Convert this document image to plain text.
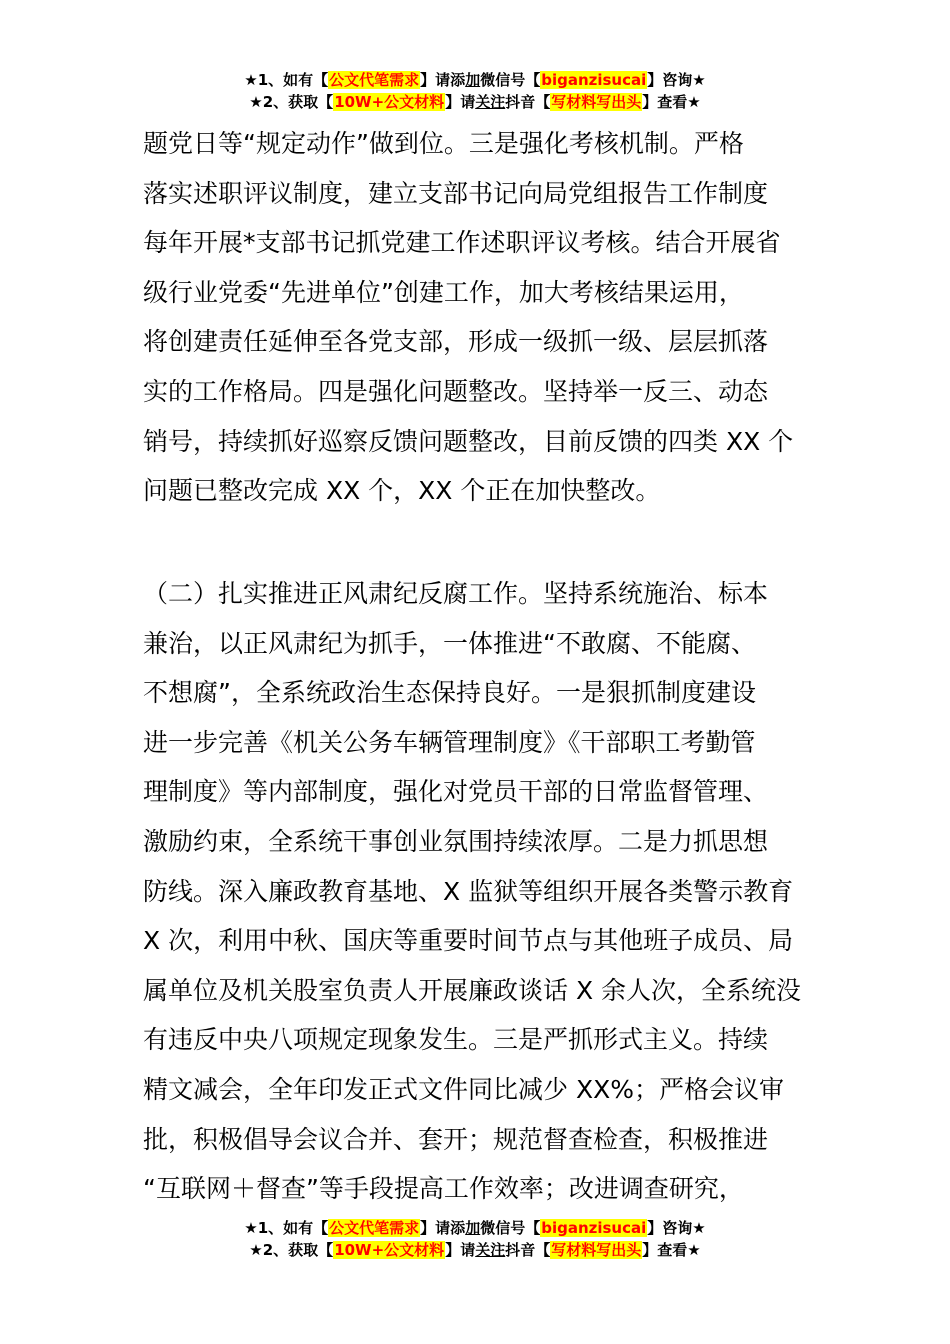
★1、如有【公文代笔需求】请添加微信号【biganzisucai】咨询★
★2、获取【10W+公文材料】请关注抖音【写材料写出头】查看★
题党日等“规定动作”做到位。三是强化考核机制。严格
落实述职评议制度，建立支部书记向局党组报告工作制度
每年开展*支部书记抓党建工作述职评议考核。结合开展省
级行业党委“先进单位”创建工作，加大考核结果运用，
将创建责任延伸至各党支部，形成一级抓一级、层层抓落
实的工作格局。四是强化问题整改。坚持举一反三、动态
销号，持续抓好巡察反馈问题整改，目前反馈的四类 XX 个
问题已整改完成 XX 个，XX 个正在加快整改。
（二）扎实推进正风肃纪反腐工作。坚持系统施治、标本
兼治，以正风肃纪为抓手，一体推进“不敢腐、不能腐、
不想腐”，全系统政治生态保持良好。一是狠抓制度建设
进一步完善《机关公务车辆管理制度》《干部职工考勤管
理制度》等内部制度，强化对党员干部的日常监督管理、
激励约束，全系统干事创业氛围持续浓厚。二是力抓思想
防线。深入廉政教育基地、X 监狱等组织开展各类警示教育
X 次，利用中秋、国庆等重要时间节点与其他班子成员、局
属单位及机关股室负责人开展廉政谈话 X 余人次，全系统没
有违反中央八项规定现象发生。三是严抓形式主义。持续
精文减会，全年印发正式文件同比减少 XX%；严格会议审
批，积极倡导会议合并、套开；规范督查检查，积极推进
“互联网＋督查”等手段提高工作效率；改进调查研究，
★1、如有【公文代笔需求】请添加微信号【biganzisucai】咨询★
★2、获取【10W+公文材料】请关注抖音【写材料写出头】查看★
